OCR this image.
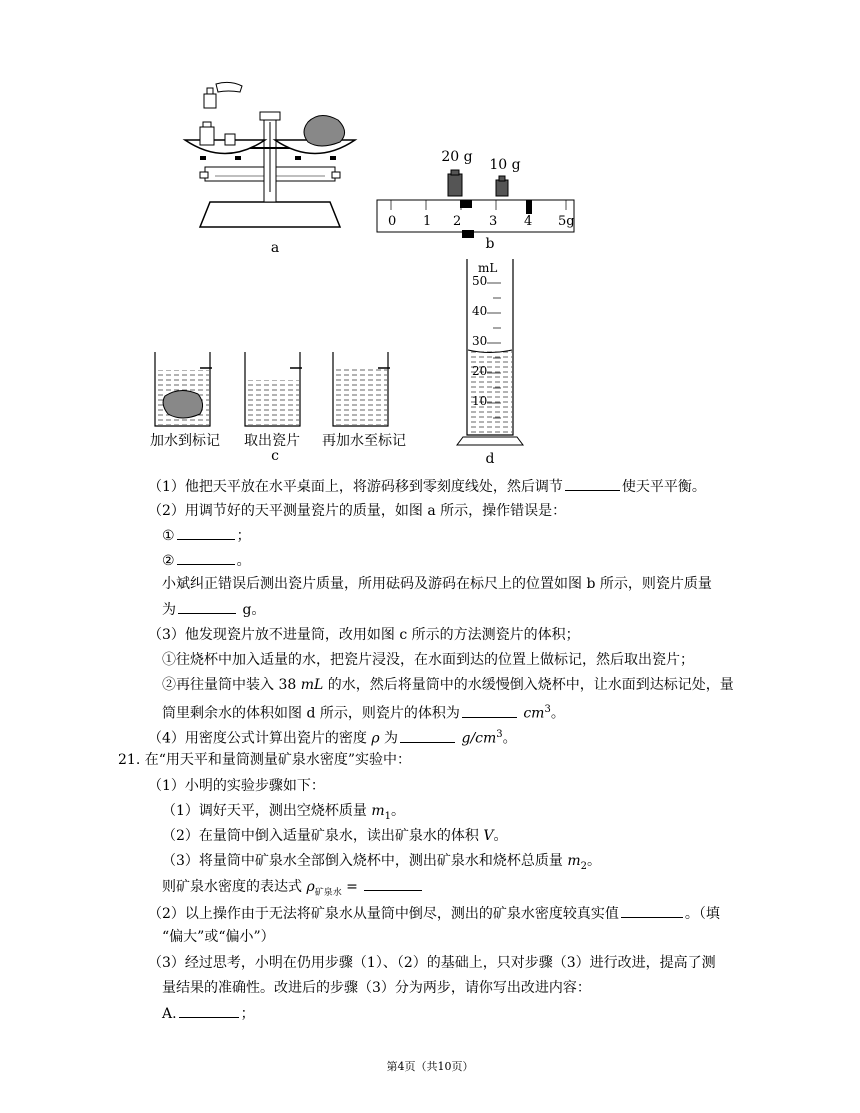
a
20 g	10 g
0 1 2 3 4 5g
b
加水到标记	取出瓷片	再加水至标记
c
mL
50
40
30
20
10
d
（1）他把天平放在水平桌面上，将游码移到零刻度线处，然后调节	使天平平衡。
（2）用调节好的天平测量瓷片的质量，如图 a 所示，操作错误是：
①	；
②	。
小斌纠正错误后测出瓷片质量，所用砝码及游码在标尺上的位置如图 b 所示，则瓷片质量
为	g。
（3）他发现瓷片放不进量筒，改用如图 c 所示的方法测瓷片的体积；
①往烧杯中加入适量的水，把瓷片浸没，在水面到达的位置上做标记，然后取出瓷片；
②再往量筒中装入 38 mL 的水，然后将量筒中的水缓慢倒入烧杯中，让水面到达标记处，量
筒里剩余水的体积如图 d 所示，则瓷片的体积为	$cm^3$。
（4）用密度公式计算出瓷片的密度 ρ 为	$g/cm^3$。
21. 在“用天平和量筒测量矿泉水密度”实验中：
（1）小明的实验步骤如下：
（1）调好天平，测出空烧杯质量 $m_1$。
（2）在量筒中倒入适量矿泉水，读出矿泉水的体积 V。
（3）将量筒中矿泉水全部倒入烧杯中，测出矿泉水和烧杯总质量 $m_2$。
则矿泉水密度的表达式 $\rho_{矿泉水}$ =
（2）以上操作由于无法将矿泉水从量筒中倒尽，测出的矿泉水密度较真实值	。（填
“偏大”或“偏小”）
（3）经过思考，小明在仍用步骤（1）、（2）的基础上，只对步骤（3）进行改进，提高了测
量结果的准确性。改进后的步骤（3）分为两步，请你写出改进内容：
A.	；
第4页（共10页）
